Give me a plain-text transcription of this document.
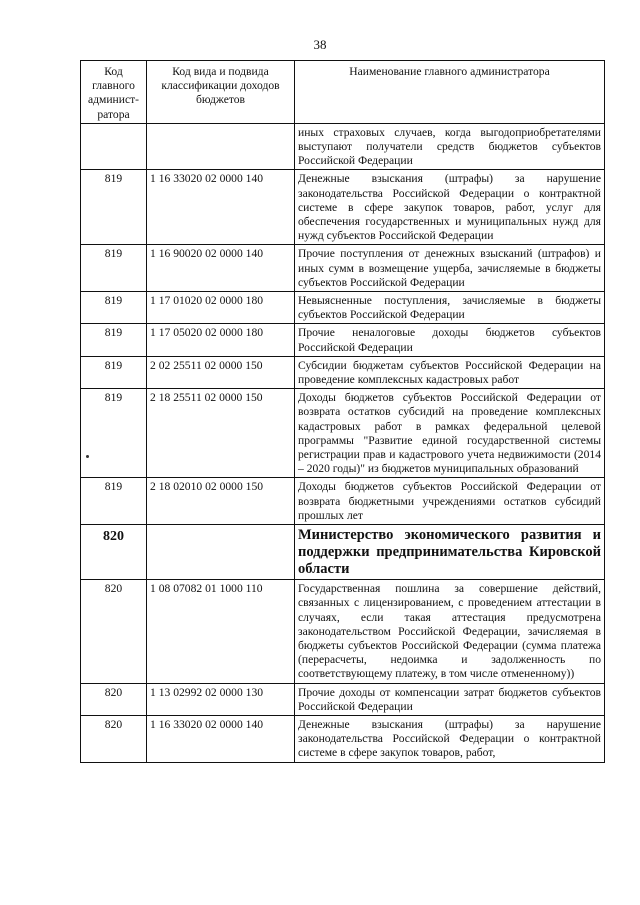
38
Код главного админист-ратора	Код вида и подвида классификации доходов бюджетов	Наименование главного администратора
		иных страховых случаев, когда выгодоприобретателями выступают получатели средств бюджетов субъектов Российской Федерации
819	1 16 33020 02 0000 140	Денежные взыскания (штрафы) за нарушение законодательства Российской Федерации о контрактной системе в сфере закупок товаров, работ, услуг для обеспечения государственных и муниципальных нужд для нужд субъектов Российской Федерации
819	1 16 90020 02 0000 140	Прочие поступления от денежных взысканий (штрафов) и иных сумм в возмещение ущерба, зачисляемые в бюджеты субъектов Российской Федерации
819	1 17 01020 02 0000 180	Невыясненные поступления, зачисляемые в бюджеты субъектов Российской Федерации
819	1 17 05020 02 0000 180	Прочие неналоговые доходы бюджетов субъектов Российской Федерации
819	2 02 25511 02 0000 150	Субсидии бюджетам субъектов Российской Федерации на проведение комплексных кадастровых работ
819	2 18 25511 02 0000 150	Доходы бюджетов субъектов Российской Федерации от возврата остатков субсидий на проведение комплексных кадастровых работ в рамках федеральной целевой программы "Развитие единой государственной системы регистрации прав и кадастрового учета недвижимости (2014 – 2020 годы)" из бюджетов муниципальных образований
819	2 18 02010 02 0000 150	Доходы бюджетов субъектов Российской Федерации от возврата бюджетными учреждениями остатков субсидий прошлых лет
820		Министерство экономического развития и поддержки предпринимательства Кировской области
820	1 08 07082 01 1000 110	Государственная пошлина за совершение действий, связанных с лицензированием, с проведением аттестации в случаях, если такая аттестация предусмотрена законодательством Российской Федерации, зачисляемая в бюджеты субъектов Российской Федерации (сумма платежа (перерасчеты, недоимка и задолженность по соответствующему платежу, в том числе отмененному))
820	1 13 02992 02 0000 130	Прочие доходы от компенсации затрат бюджетов субъектов Российской Федерации
820	1 16 33020 02 0000 140	Денежные взыскания (штрафы) за нарушение законодательства Российской Федерации о контрактной системе в сфере закупок товаров, работ,
